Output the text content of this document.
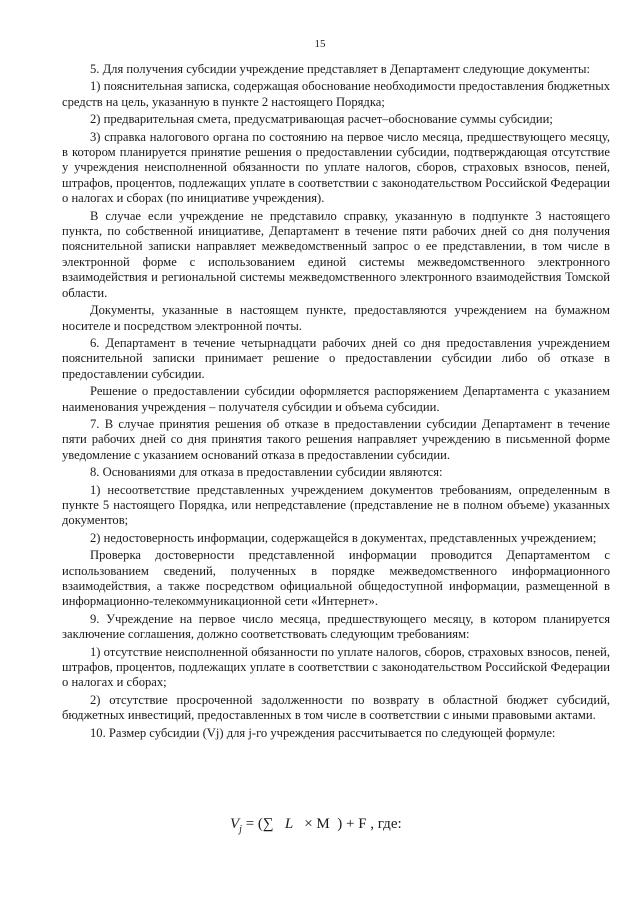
15

5. Для получения субсидии учреждение представляет в Департамент следующие документы:

1) пояснительная записка, содержащая обоснование необходимости предоставления бюджетных средств на цель, указанную в пункте 2 настоящего Порядка;

2) предварительная смета, предусматривающая расчет–обоснование суммы субсидии;

3) справка налогового органа по состоянию на первое число месяца, предшествующего месяцу, в котором планируется принятие решения о предоставлении субсидии, подтверждающая отсутствие у учреждения неисполненной обязанности по уплате налогов, сборов, страховых взносов, пеней, штрафов, процентов, подлежащих уплате в соответствии с законодательством Российской Федерации о налогах и сборах (по инициативе учреждения).

В случае если учреждение не представило справку, указанную в подпункте 3 настоящего пункта, по собственной инициативе, Департамент в течение пяти рабочих дней со дня получения пояснительной записки направляет межведомственный запрос о ее представлении, в том числе в электронной форме с использованием единой системы межведомственного электронного взаимодействия и региональной системы межведомственного электронного взаимодействия Томской области.

Документы, указанные в настоящем пункте, предоставляются учреждением на бумажном носителе и посредством электронной почты.

6. Департамент в течение четырнадцати рабочих дней со дня предоставления учреждением пояснительной записки принимает решение о предоставлении субсидии либо об отказе в предоставлении субсидии.

Решение о предоставлении субсидии оформляется распоряжением Департамента с указанием наименования учреждения – получателя субсидии и объема субсидии.

7. В случае принятия решения об отказе в предоставлении субсидии Департамент в течение пяти рабочих дней со дня принятия такого решения направляет учреждению в письменной форме уведомление с указанием оснований отказа в предоставлении субсидии.

8. Основаниями для отказа в предоставлении субсидии являются:

1) несоответствие представленных учреждением документов требованиям, определенным в пункте 5 настоящего Порядка, или непредставление (представление не в полном объеме) указанных документов;

2) недостоверность информации, содержащейся в документах, представленных учреждением;

Проверка достоверности представленной информации проводится Департаментом с использованием сведений, полученных в порядке межведомственного информационного взаимодействия, а также посредством официальной общедоступной информации, размещенной в информационно-телекоммуникационной сети «Интернет».

9. Учреждение на первое число месяца, предшествующего месяцу, в котором планируется заключение соглашения, должно соответствовать следующим требованиям:

1) отсутствие неисполненной обязанности по уплате налогов, сборов, страховых взносов, пеней, штрафов, процентов, подлежащих уплате в соответствии с законодательством Российской Федерации о налогах и сборах;

2) отсутствие просроченной задолженности по возврату в областной бюджет субсидий, бюджетных инвестиций, предоставленных в том числе в соответствии с иными правовыми актами.

10. Размер субсидии (Vj) для j-го учреждения рассчитывается по следующей формуле:

$V_j$ = (∑ L × M ) + F , где:
